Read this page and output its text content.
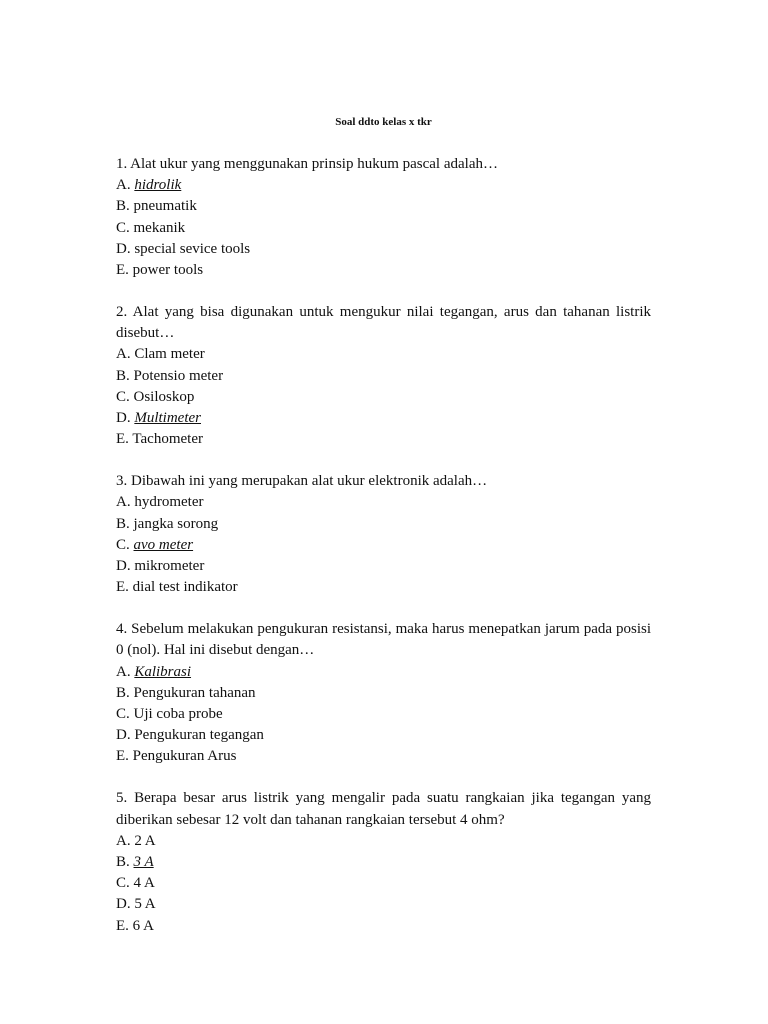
Soal ddto kelas x tkr

1. Alat ukur yang menggunakan prinsip hukum pascal adalah…

A. hidrolik
B. pneumatik
C. mekanik
D. special sevice tools
E. power tools

2. Alat yang bisa digunakan untuk mengukur nilai tegangan, arus dan tahanan listrik disebut…

A. Clam meter
B. Potensio meter
C. Osiloskop
D. Multimeter
E. Tachometer

3. Dibawah ini yang merupakan alat ukur elektronik adalah…

A. hydrometer
B. jangka sorong
C. avo meter
D. mikrometer
E. dial test indikator

4. Sebelum melakukan pengukuran resistansi, maka harus menepatkan jarum pada posisi 0 (nol). Hal ini disebut dengan…

A. Kalibrasi
B. Pengukuran tahanan
C. Uji coba probe
D. Pengukuran tegangan
E. Pengukuran Arus

5. Berapa besar arus listrik yang mengalir pada suatu rangkaian jika tegangan yang diberikan sebesar 12 volt dan tahanan rangkaian tersebut 4 ohm?

A. 2 A
B. 3 A
C. 4 A
D. 5 A
E. 6 A
